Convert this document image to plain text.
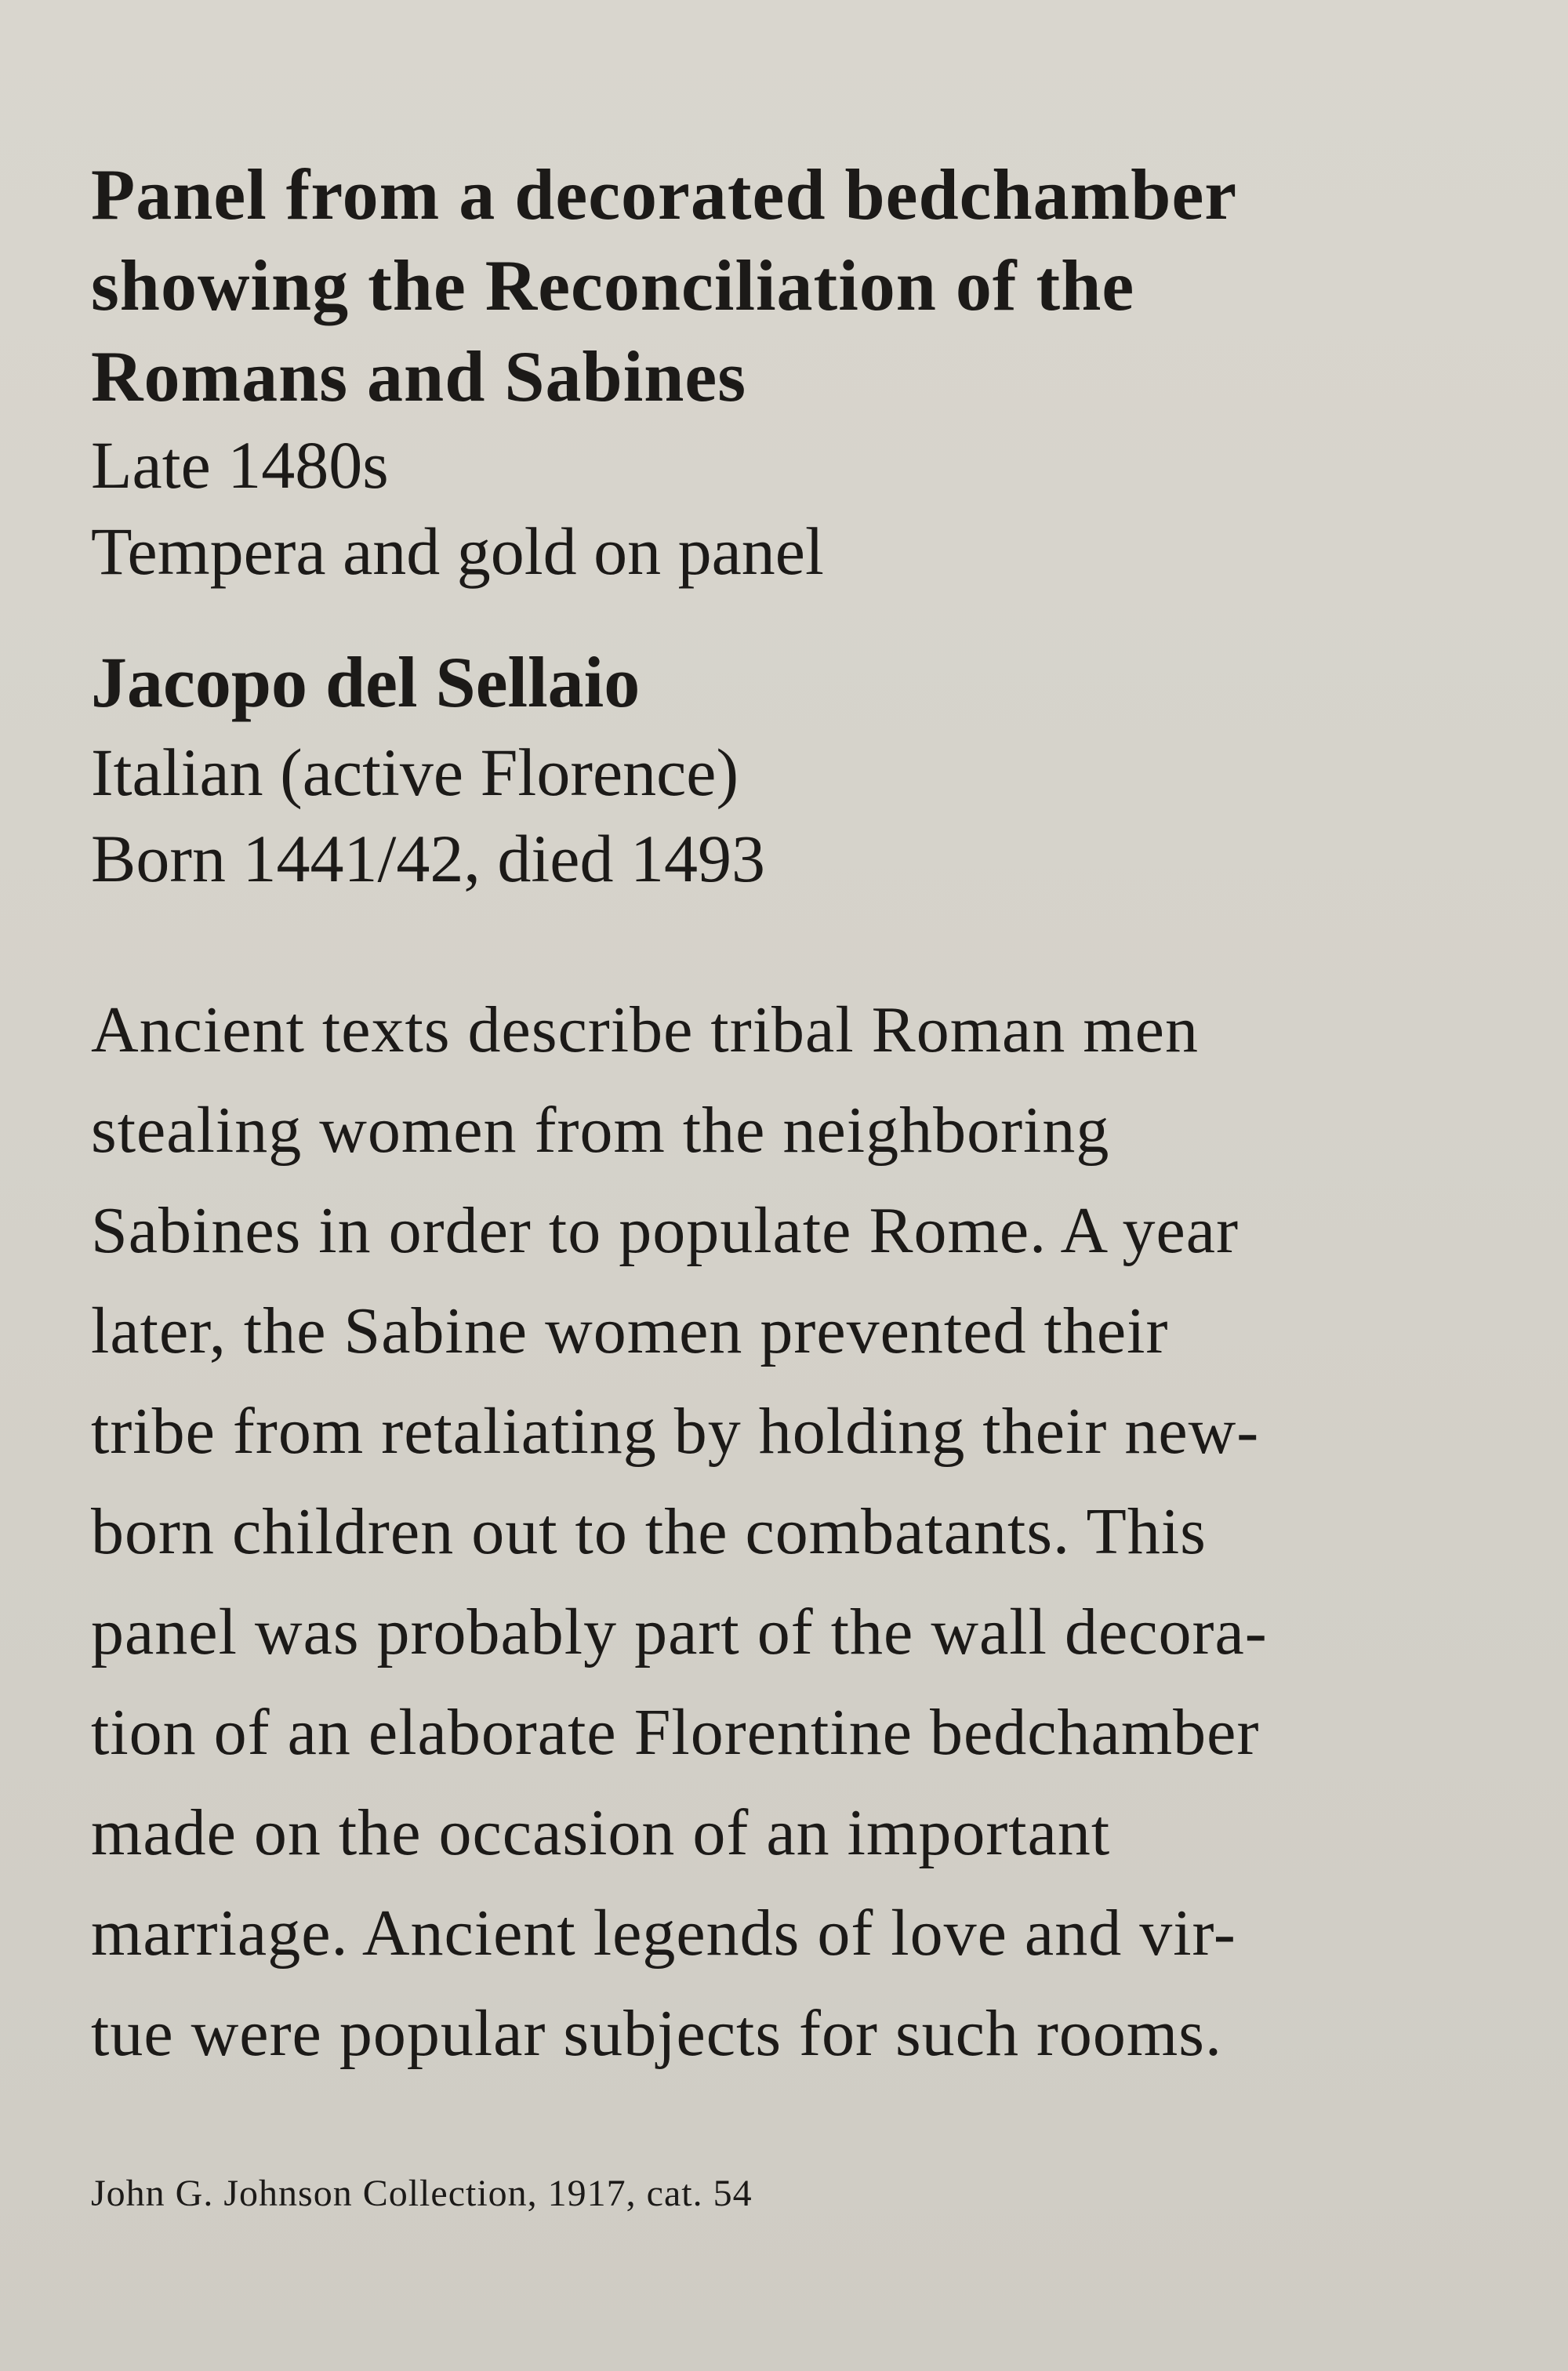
Panel from a decorated bedchamber
showing the Reconciliation of the
Romans and Sabines

Late 1480s
Tempera and gold on panel

Jacopo del Sellaio

Italian (active Florence)
Born 1441/42, died 1493

Ancient texts describe tribal Roman men
stealing women from the neighboring
Sabines in order to populate Rome. A year
later, the Sabine women prevented their
tribe from retaliating by holding their new-
born children out to the combatants. This
panel was probably part of the wall decora-
tion of an elaborate Florentine bedchamber
made on the occasion of an important
marriage. Ancient legends of love and vir-
tue were popular subjects for such rooms.
John G. Johnson Collection, 1917, cat. 54
